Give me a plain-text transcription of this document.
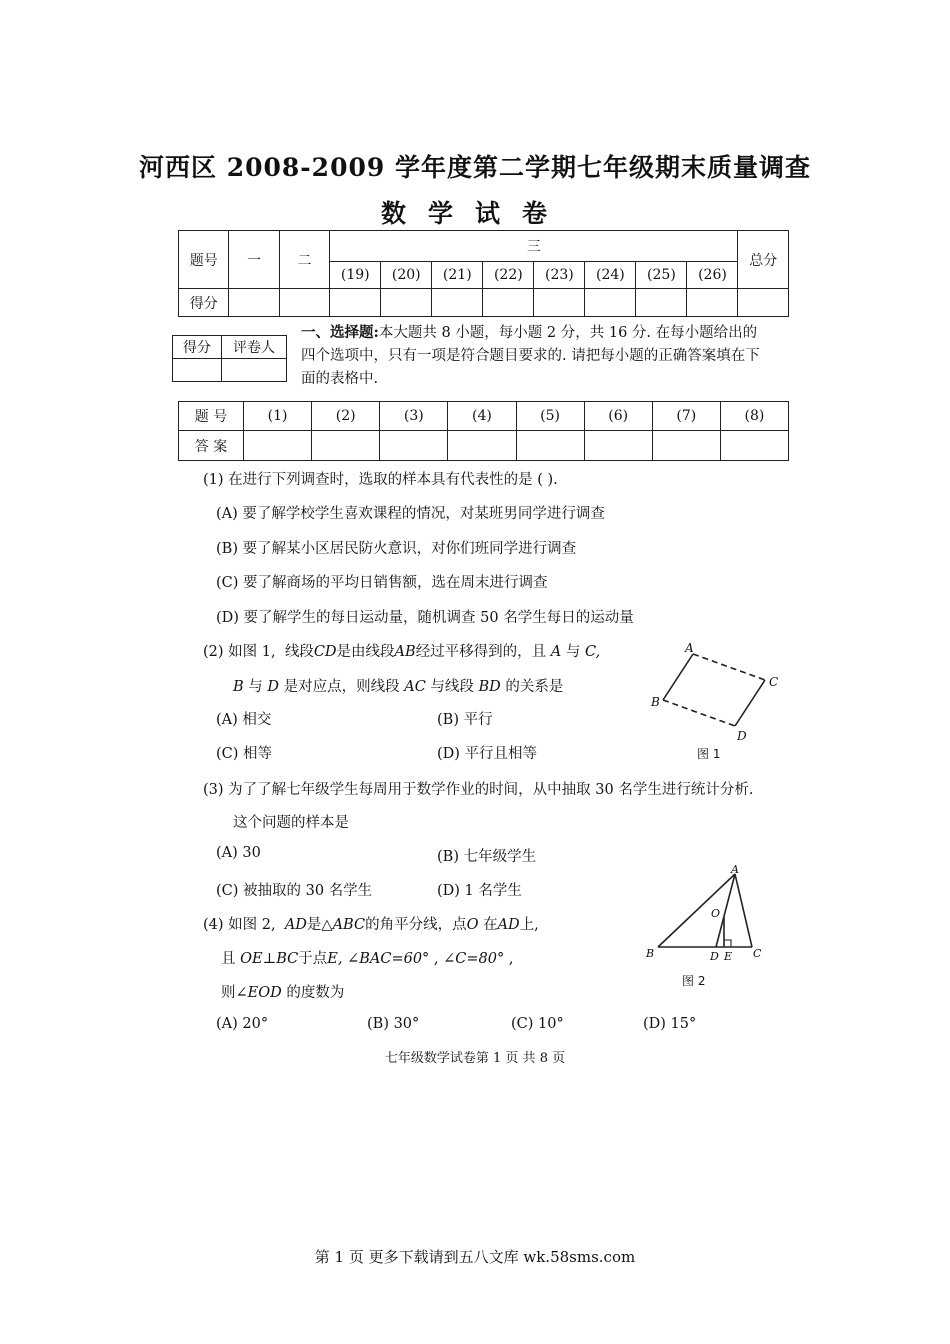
河西区 2008-2009 学年度第二学期七年级期末质量调查
数学试卷
题号	一	二	三								总分
			(19)	(20)	(21)	(22)	(23)	(24)	(25)	(26)	
得分											
得分	评卷人

一、选择题:本大题共 8 小题，每小题 2 分，共 16 分. 在每小题给出的
四个选项中，只有一项是符合题目要求的. 请把每小题的正确答案填在下
面的表格中.
题 号	(1)	(2)	(3)	(4)	(5)	(6)	(7)	(8)
答 案								
(1) 在进行下列调查时，选取的样本具有代表性的是 ( ).
(A) 要了解学校学生喜欢课程的情况，对某班男同学进行调查
(B) 要了解某小区居民防火意识，对你们班同学进行调查
(C) 要了解商场的平均日销售额，选在周末进行调查
(D) 要了解学生的每日运动量，随机调查 50 名学生每日的运动量
(2) 如图 1, 线段CD是由线段AB经过平移得到的，且 A 与 C,
B 与 D 是对应点，则线段 AC 与线段 BD 的关系是
(A) 相交	(B) 平行
(C) 相等	(D) 平行且相等
A
B
C
D
图 1
(3) 为了了解七年级学生每周用于数学作业的时间，从中抽取 30 名学生进行统计分析.
这个问题的样本是
(A) 30	(B) 七年级学生
(C) 被抽取的 30 名学生	(D) 1 名学生
(4) 如图 2, AD是△ABC的角平分线，点O 在AD上,
且 OE⊥BC于点E, ∠BAC=60° , ∠C=80° ,
则∠EOD 的度数为
(A) 20°	(B) 30°	(C) 10°	(D) 15°
A
O
B	D E C
图 2
七年级数学试卷第 1 页 共 8 页
第 1 页 更多下载请到五八文库 wk.58sms.com
